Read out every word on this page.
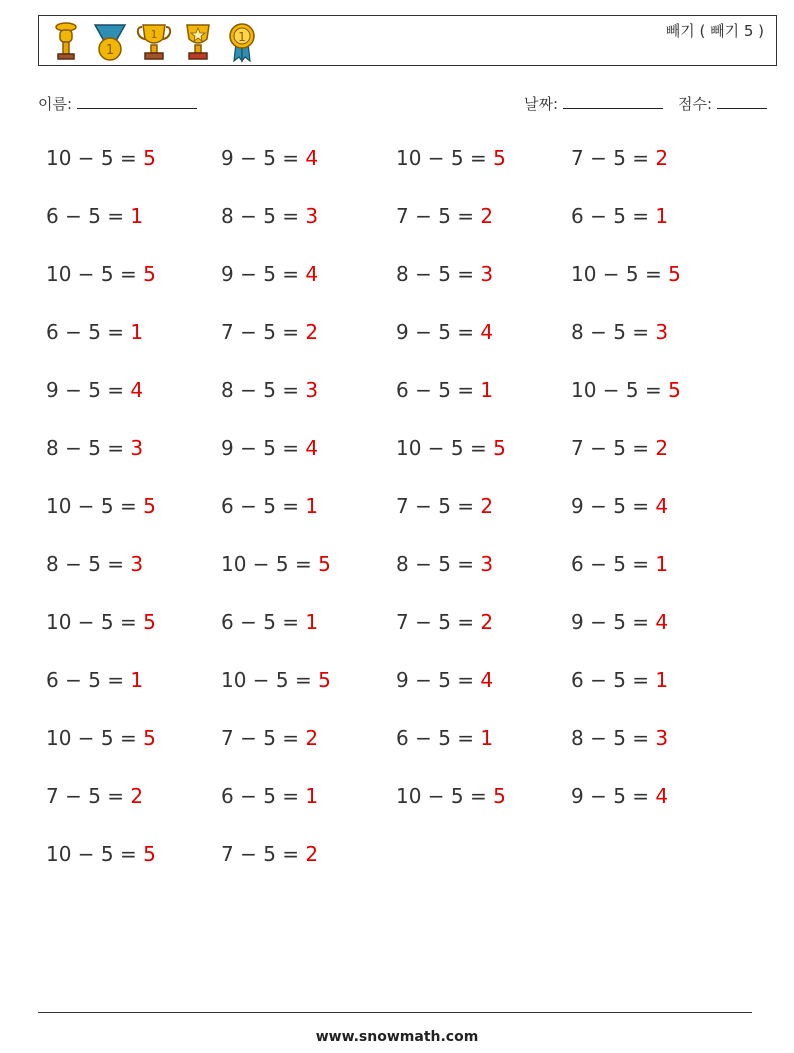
1
1	1	빼기 ( 빼기 5 )
이름:	날짜:	점수:
10 − 5 = 5	9 − 5 = 4	10 − 5 = 5	7 − 5 = 2
6 − 5 = 1	8 − 5 = 3	7 − 5 = 2	6 − 5 = 1
10 − 5 = 5	9 − 5 = 4	8 − 5 = 3	10 − 5 = 5
6 − 5 = 1	7 − 5 = 2	9 − 5 = 4	8 − 5 = 3
9 − 5 = 4	8 − 5 = 3	6 − 5 = 1	10 − 5 = 5
8 − 5 = 3	9 − 5 = 4	10 − 5 = 5	7 − 5 = 2
10 − 5 = 5	6 − 5 = 1	7 − 5 = 2	9 − 5 = 4
8 − 5 = 3	10 − 5 = 5	8 − 5 = 3	6 − 5 = 1
10 − 5 = 5	6 − 5 = 1	7 − 5 = 2	9 − 5 = 4
6 − 5 = 1	10 − 5 = 5	9 − 5 = 4	6 − 5 = 1
10 − 5 = 5	7 − 5 = 2	6 − 5 = 1	8 − 5 = 3
7 − 5 = 2	6 − 5 = 1	10 − 5 = 5	9 − 5 = 4
10 − 5 = 5	7 − 5 = 2
www.snowmath.com
